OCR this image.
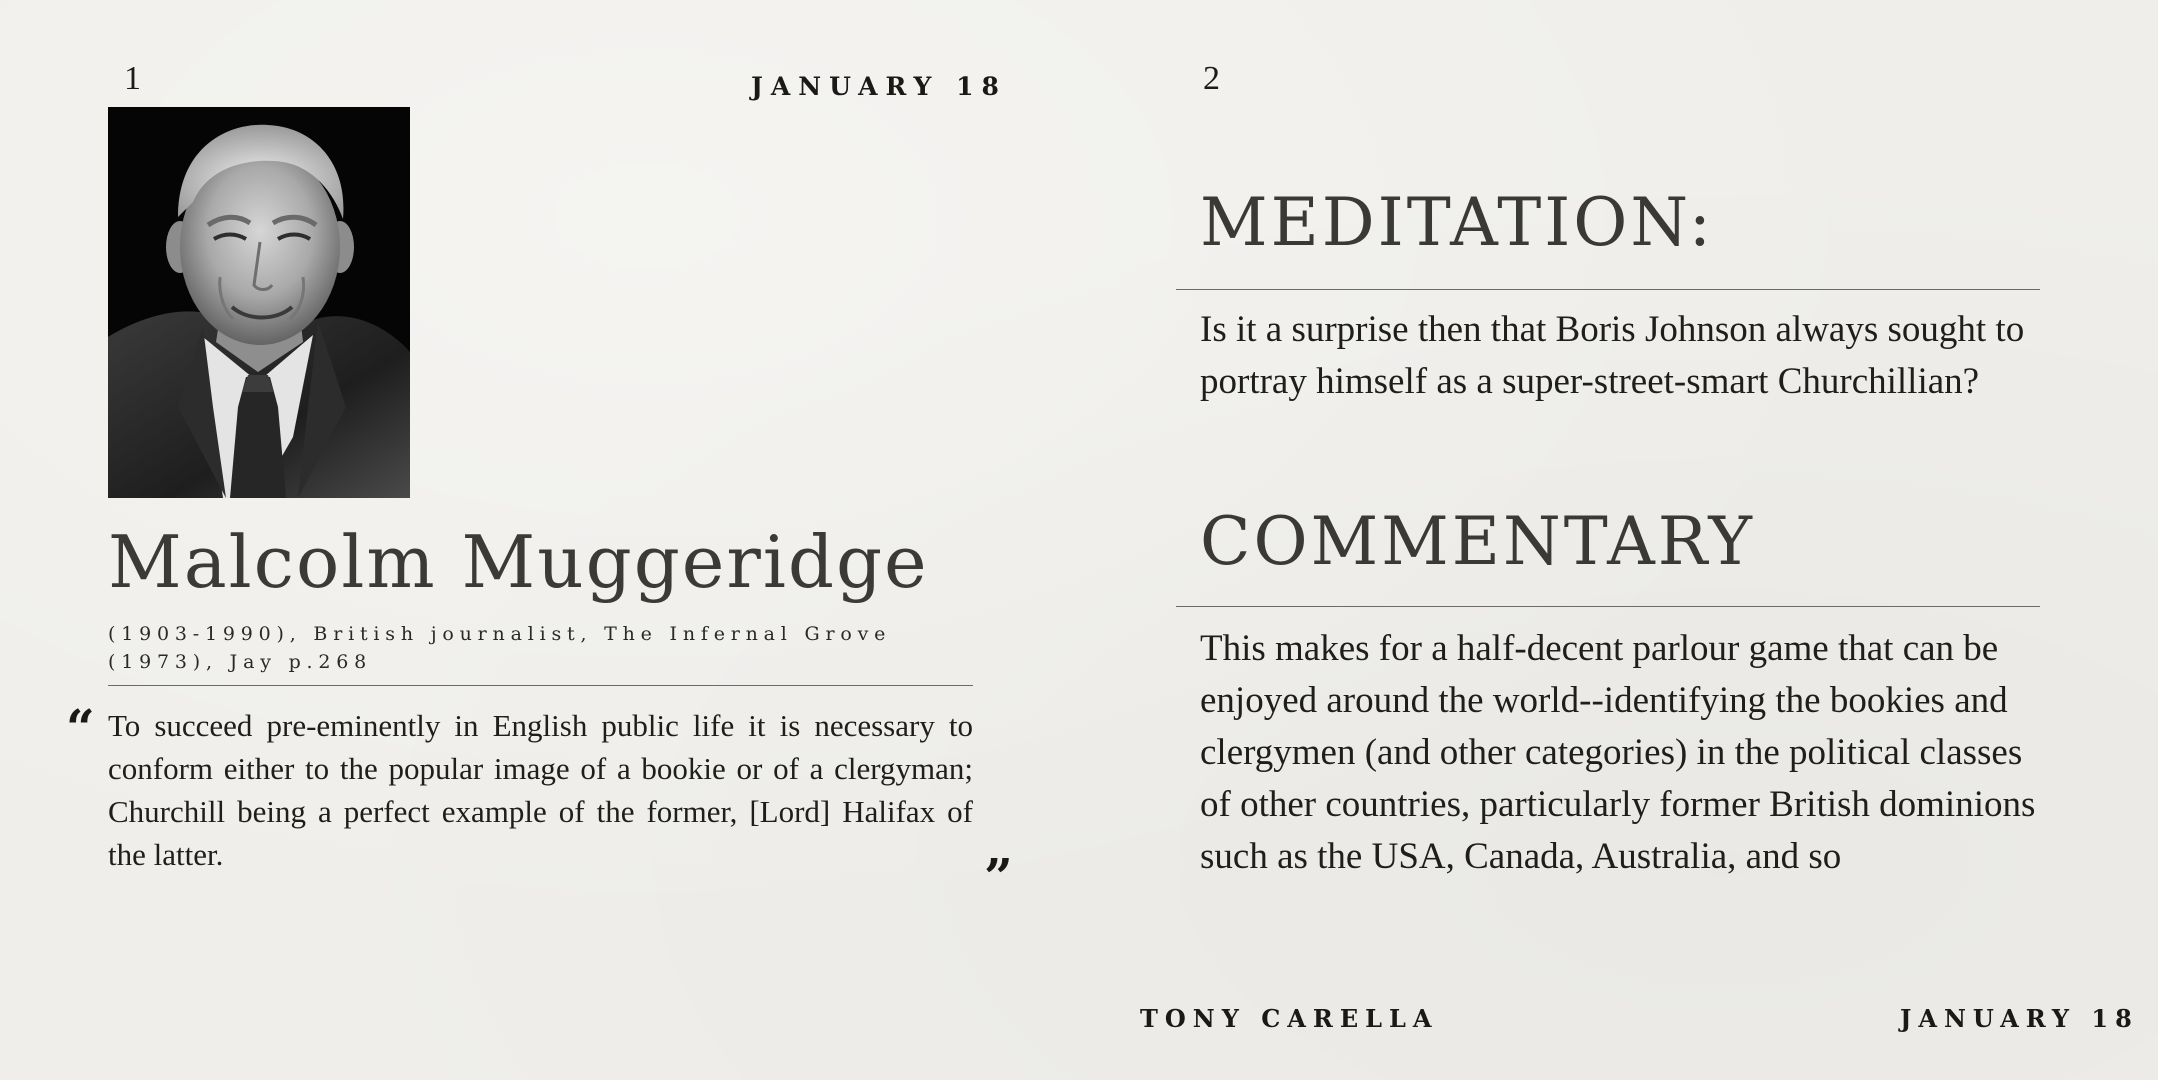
1	JANUARY 18
Malcolm Muggeridge
(1903-1990), British journalist, The Infernal Grove (1973), Jay p.268
“ To succeed pre-eminently in English public life it is necessary to conform either to the popular image of a bookie or of a clergyman; Churchill being a perfect example of the former, [Lord] Halifax of the latter.	”
2
MEDITATION:
Is it a surprise then that Boris Johnson always sought to portray himself as a super-street-smart Churchillian?
COMMENTARY
This makes for a half-decent parlour game that can be enjoyed around the world--identifying the bookies and clergymen (and other categories) in the political classes of other countries, particularly former British dominions such as the USA, Canada, Australia, and so
TONY CARELLA	JANUARY 18
